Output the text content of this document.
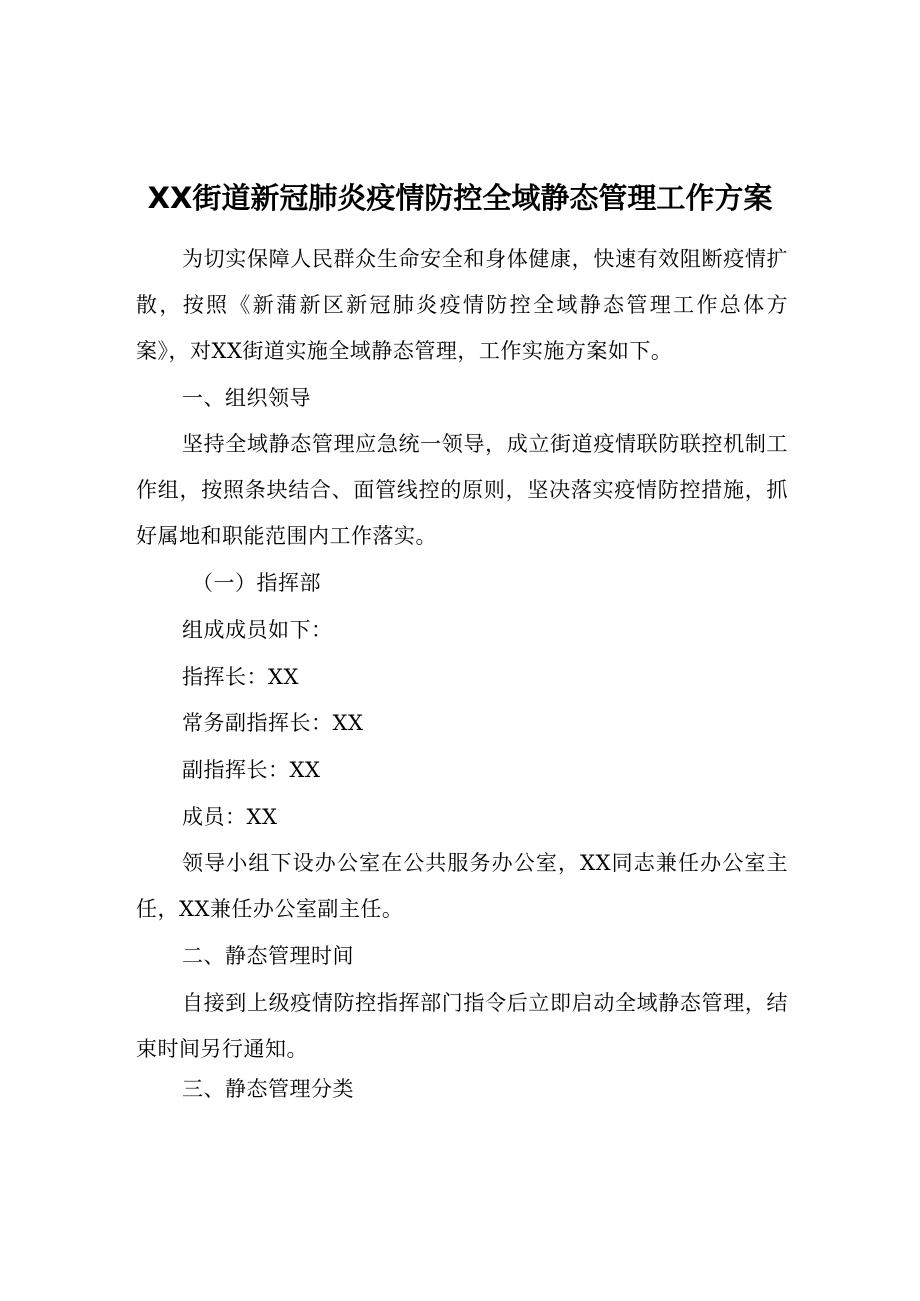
XX街道新冠肺炎疫情防控全域静态管理工作方案

为切实保障人民群众生命安全和身体健康，快速有效阻断疫情扩散，按照《新蒲新区新冠肺炎疫情防控全域静态管理工作总体方案》，对XX街道实施全域静态管理，工作实施方案如下。

一、组织领导

坚持全域静态管理应急统一领导，成立街道疫情联防联控机制工作组，按照条块结合、面管线控的原则，坚决落实疫情防控措施，抓好属地和职能范围内工作落实。

（一）指挥部

组成成员如下：

指挥长：XX

常务副指挥长：XX

副指挥长：XX

成员：XX

领导小组下设办公室在公共服务办公室，XX同志兼任办公室主任，XX兼任办公室副主任。

二、静态管理时间

自接到上级疫情防控指挥部门指令后立即启动全域静态管理，结束时间另行通知。

三、静态管理分类
